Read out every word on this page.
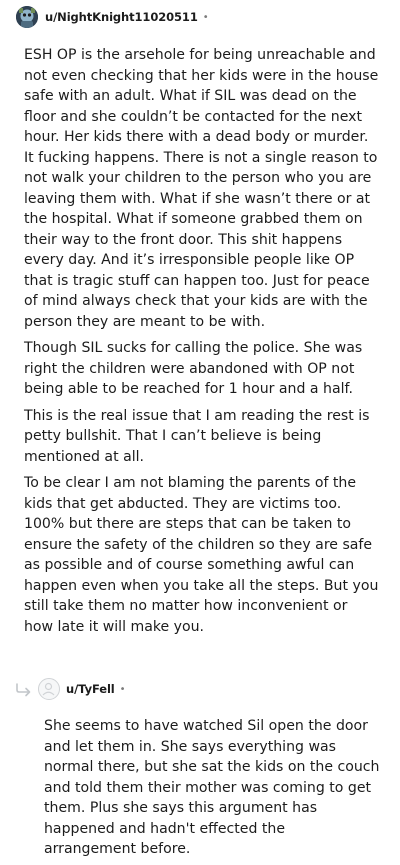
u/NightKnight11020511 •

ESH OP is the arsehole for being unreachable and not even checking that her kids were in the house safe with an adult. What if SIL was dead on the floor and she couldn’t be contacted for the next hour. Her kids there with a dead body or murder. It fucking happens. There is not a single reason to not walk your children to the person who you are leaving them with. What if she wasn’t there or at the hospital. What if someone grabbed them on their way to the front door. This shit happens every day. And it’s irresponsible people like OP that is tragic stuff can happen too. Just for peace of mind always check that your kids are with the person they are meant to be with.

Though SIL sucks for calling the police. She was right the children were abandoned with OP not being able to be reached for 1 hour and a half.

This is the real issue that I am reading the rest is petty bullshit. That I can’t believe is being mentioned at all.

To be clear I am not blaming the parents of the kids that get abducted. They are victims too. 100% but there are steps that can be taken to ensure the safety of the children so they are safe as possible and of course something awful can happen even when you take all the steps. But you still take them no matter how inconvenient or how late it will make you.

u/TyFell •

She seems to have watched Sil open the door and let them in. She says everything was normal there, but she sat the kids on the couch and told them their mother was coming to get them. Plus she says this argument has happened and hadn't effected the arrangement before.
